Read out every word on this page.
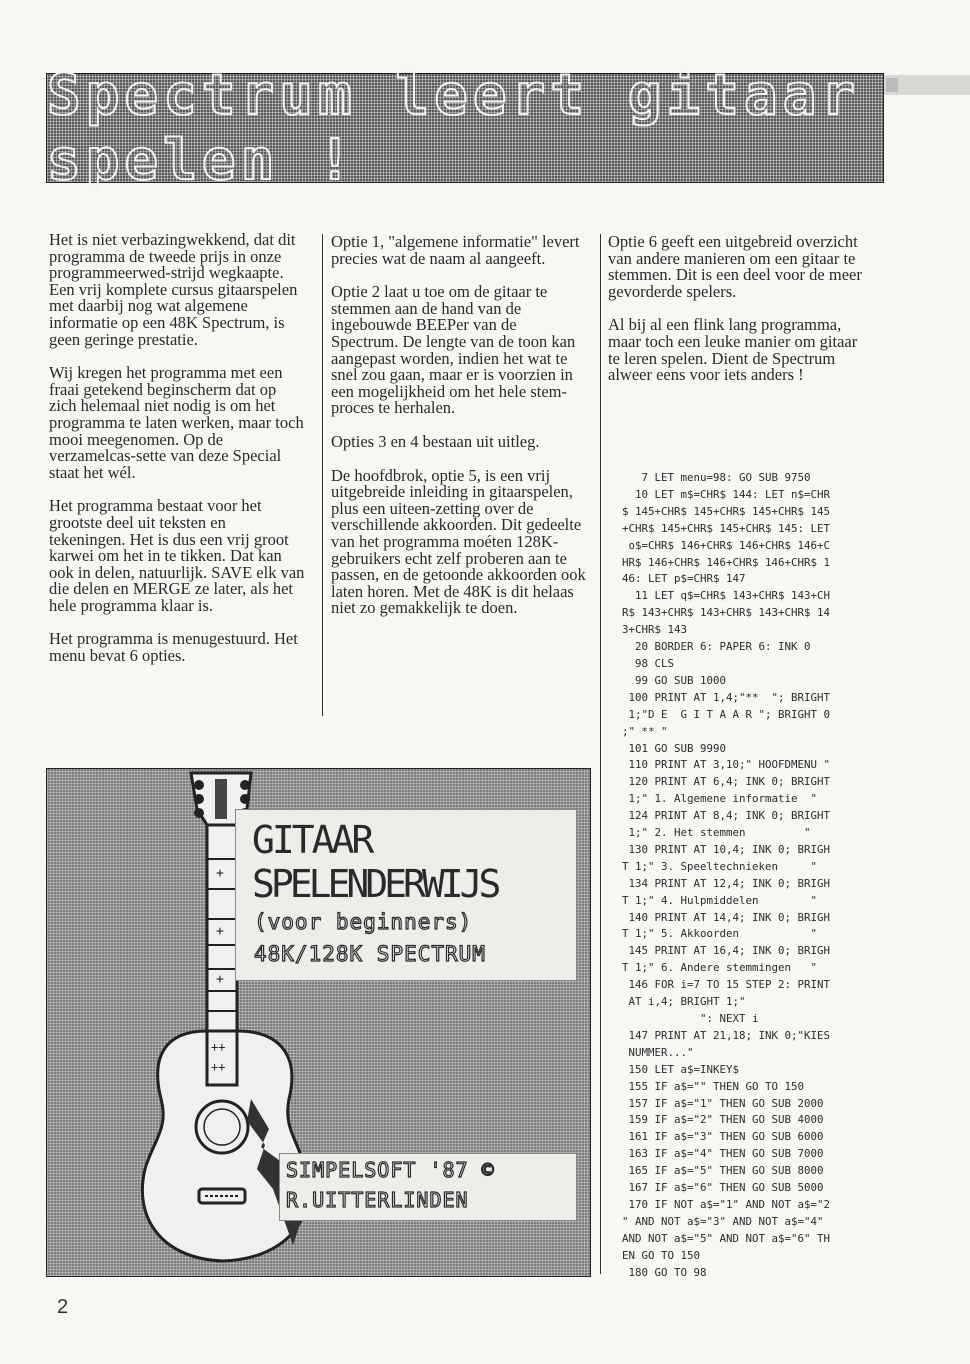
Spectrum leert gitaar spelen !

Het is niet verbazingwekkend, dat dit programma de tweede prijs in onze programmeerwed-strijd wegkaapte. Een vrij komplete cursus gitaarspelen met daarbij nog wat algemene informatie op een 48K Spectrum, is geen geringe prestatie.

Wij kregen het programma met een fraai getekend beginscherm dat op zich helemaal niet nodig is om het programma te laten werken, maar toch mooi meegenomen. Op de verzamelcas-sette van deze Special staat het wél.

Het programma bestaat voor het grootste deel uit teksten en tekeningen. Het is dus een vrij groot karwei om het in te tikken. Dat kan ook in delen, natuurlijk. SAVE elk van die delen en MERGE ze later, als het hele programma klaar is.

Het programma is menugestuurd. Het menu bevat 6 opties.

Optie 1, "algemene informatie" levert precies wat de naam al aangeeft.

Optie 2 laat u toe om de gitaar te stemmen aan de hand van de ingebouwde BEEPer van de Spectrum. De lengte van de toon kan aangepast worden, indien het wat te snel zou gaan, maar er is voorzien in een mogelijkheid om het hele stem-proces te herhalen.

Opties 3 en 4 bestaan uit uitleg.

De hoofdbrok, optie 5, is een vrij uitgebreide inleiding in gitaarspelen, plus een uiteen-zetting over de verschillende akkoorden. Dit gedeelte van het programma moéten 128K-gebruikers echt zelf proberen aan te passen, en de getoonde akkoorden ook laten horen. Met de 48K is dit helaas niet zo gemakkelijk te doen.

Optie 6 geeft een uitgebreid overzicht van andere manieren om een gitaar te stemmen. Dit is een deel voor de meer gevorderde spelers.

Al bij al een flink lang programma, maar toch een leuke manier om gitaar te leren spelen. Dient de Spectrum alweer eens voor iets anders !

7 LET menu=98: GO SUB 9750
10 LET m$=CHR$ 144: LET n$=CHR
$ 145+CHR$ 145+CHR$ 145+CHR$ 145
+CHR$ 145+CHR$ 145+CHR$ 145: LET
o$=CHR$ 146+CHR$ 146+CHR$ 146+C
HR$ 146+CHR$ 146+CHR$ 146+CHR$ 1
46: LET p$=CHR$ 147
11 LET q$=CHR$ 143+CHR$ 143+CH
R$ 143+CHR$ 143+CHR$ 143+CHR$ 14
3+CHR$ 143
20 BORDER 6: PAPER 6: INK 0
98 CLS
99 GO SUB 1000
100 PRINT AT 1,4;"**  "; BRIGHT
1;"D E  G I T A A R "; BRIGHT 0
;" ** "
101 GO SUB 9990
110 PRINT AT 3,10;" HOOFDMENU "
120 PRINT AT 6,4; INK 0; BRIGHT
1;" 1. Algemene informatie  "
124 PRINT AT 8,4; INK 0; BRIGHT
1;" 2. Het stemmen         "
130 PRINT AT 10,4; INK 0; BRIGH
T 1;" 3. Speeltechnieken     "
134 PRINT AT 12,4; INK 0; BRIGH
T 1;" 4. Hulpmiddelen        "
140 PRINT AT 14,4; INK 0; BRIGH
T 1;" 5. Akkoorden           "
145 PRINT AT 16,4; INK 0; BRIGH
T 1;" 6. Andere stemmingen   "
146 FOR i=7 TO 15 STEP 2: PRINT
AT i,4; BRIGHT 1;"
": NEXT i
147 PRINT AT 21,18; INK 0;"KIES
NUMMER..."
150 LET a$=INKEY$
155 IF a$="" THEN GO TO 150
157 IF a$="1" THEN GO SUB 2000
159 IF a$="2" THEN GO SUB 4000
161 IF a$="3" THEN GO SUB 6000
163 IF a$="4" THEN GO SUB 7000
165 IF a$="5" THEN GO SUB 8000
167 IF a$="6" THEN GO SUB 5000
170 IF NOT a$="1" AND NOT a$="2
" AND NOT a$="3" AND NOT a$="4"
AND NOT a$="5" AND NOT a$="6" TH
EN GO TO 150
180 GO TO 98
+
+
+
++
++
GITAAR
SPELENDERWIJS
(voor beginners)
48K/128K SPECTRUM
SIMPELSOFT '87 ©
R.UITTERLINDEN
2
